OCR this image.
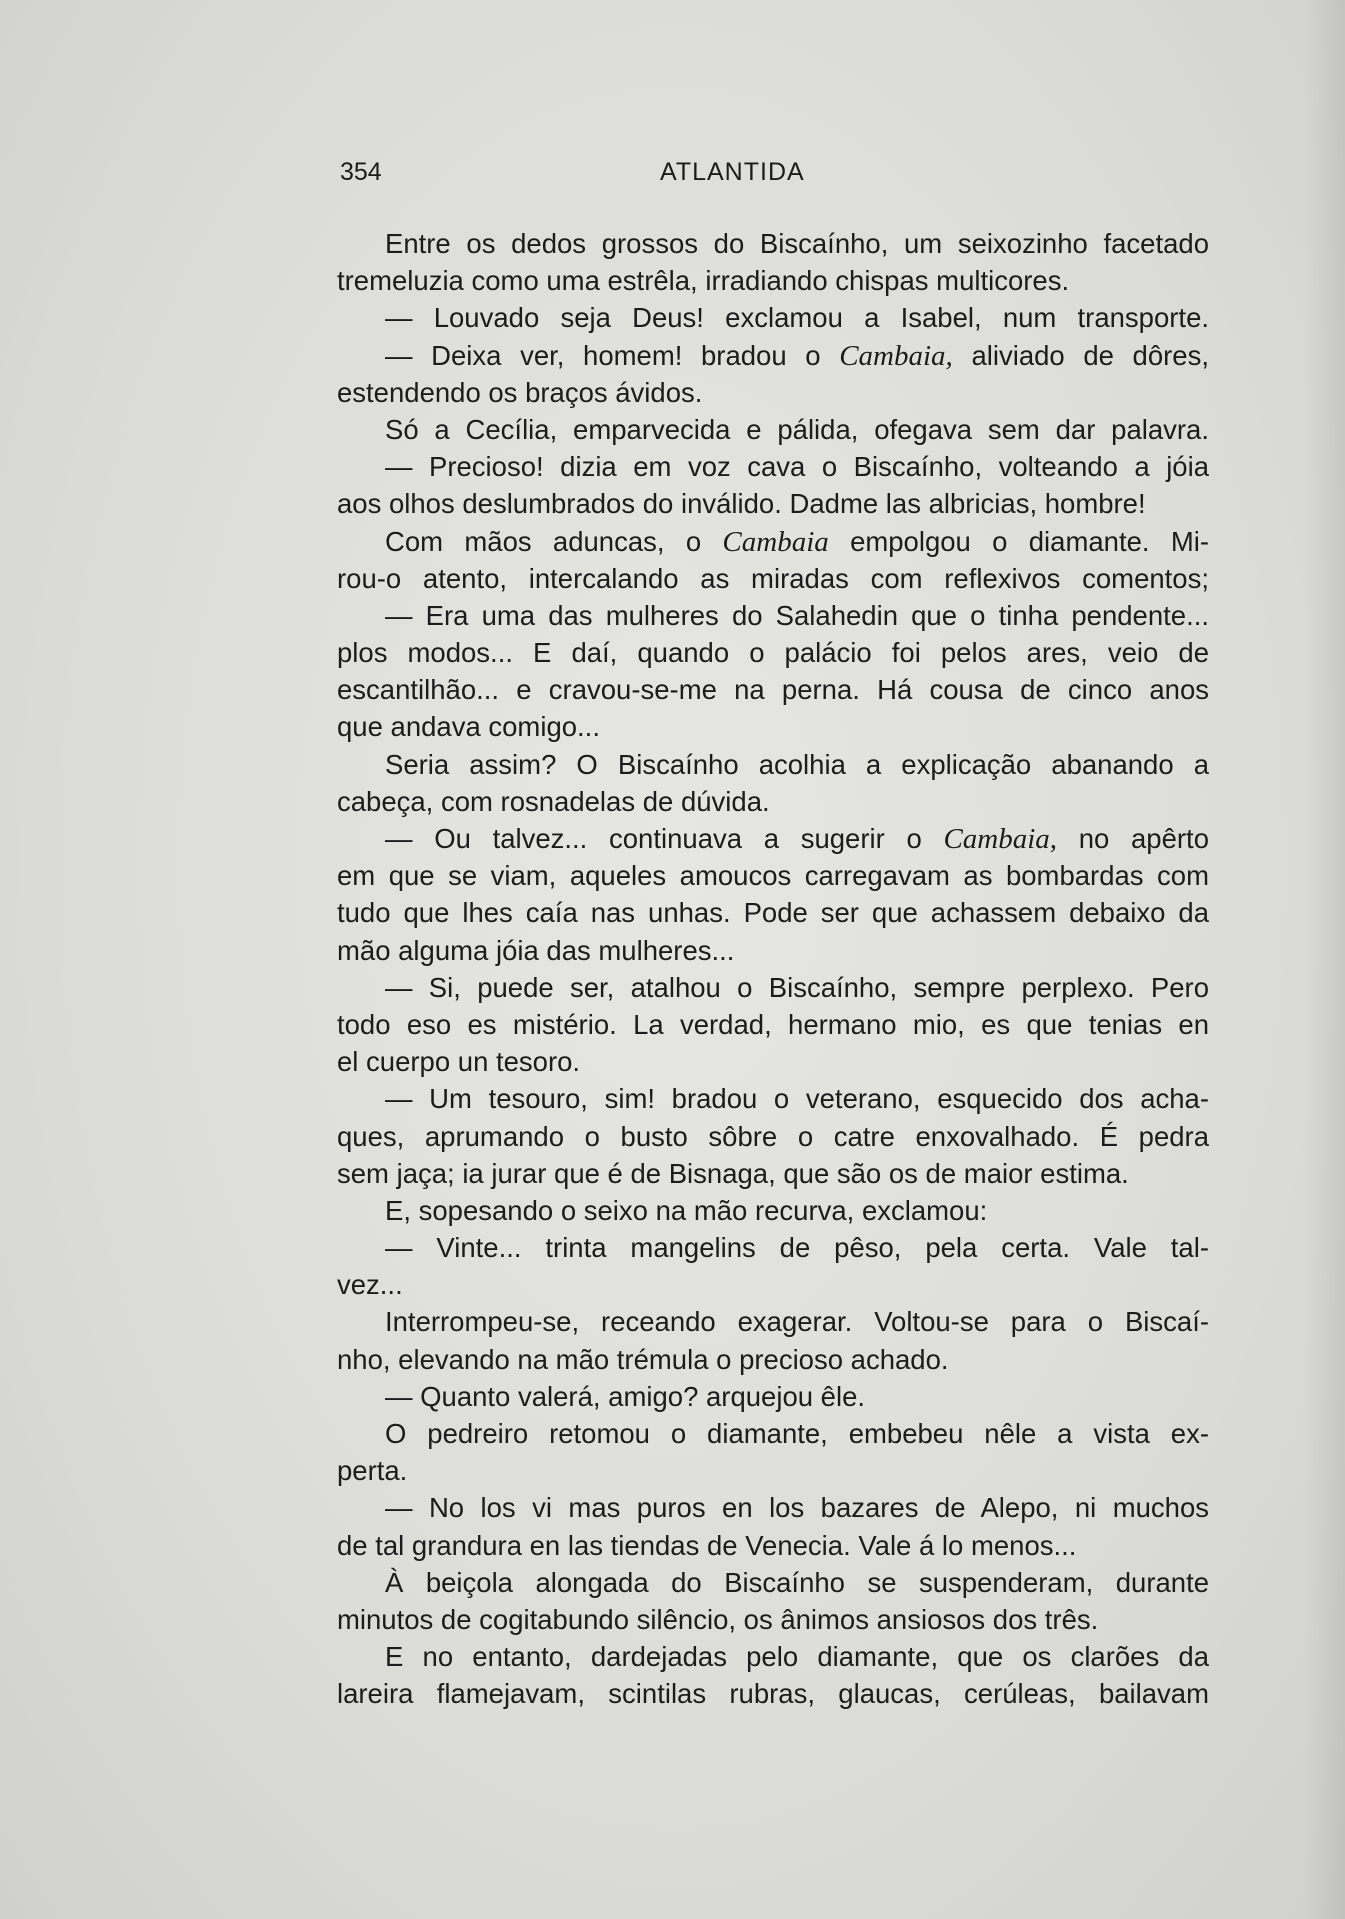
354	ATLANTIDA
Entre os dedos grossos do Biscaínho, um seixozinho facetado
tremeluzia como uma estrêla, irradiando chispas multicores.
— Louvado seja Deus! exclamou a Isabel, num transporte.
— Deixa ver, homem! bradou o Cambaia, aliviado de dôres,
estendendo os braços ávidos.
Só a Cecília, emparvecida e pálida, ofegava sem dar palavra.
— Precioso! dizia em voz cava o Biscaínho, volteando a jóia
aos olhos deslumbrados do inválido. Dadme las albricias, hombre!
Com mãos aduncas, o Cambaia empolgou o diamante. Mi-
rou-o atento, intercalando as miradas com reflexivos comentos;
— Era uma das mulheres do Salahedin que o tinha pendente...
plos modos... E daí, quando o palácio foi pelos ares, veio de
escantilhão... e cravou-se-me na perna. Há cousa de cinco anos
que andava comigo...
Seria assim? O Biscaínho acolhia a explicação abanando a
cabeça, com rosnadelas de dúvida.
— Ou talvez... continuava a sugerir o Cambaia, no apêrto
em que se viam, aqueles amoucos carregavam as bombardas com
tudo que lhes caía nas unhas. Pode ser que achassem debaixo da
mão alguma jóia das mulheres...
— Si, puede ser, atalhou o Biscaínho, sempre perplexo. Pero
todo eso es mistério. La verdad, hermano mio, es que tenias en
el cuerpo un tesoro.
— Um tesouro, sim! bradou o veterano, esquecido dos acha-
ques, aprumando o busto sôbre o catre enxovalhado. É pedra
sem jaça; ia jurar que é de Bisnaga, que são os de maior estima.
E, sopesando o seixo na mão recurva, exclamou:
— Vinte... trinta mangelins de pêso, pela certa. Vale tal-
vez...
Interrompeu-se, receando exagerar. Voltou-se para o Biscaí-
nho, elevando na mão trémula o precioso achado.
— Quanto valerá, amigo? arquejou êle.
O pedreiro retomou o diamante, embebeu nêle a vista ex-
perta.
— No los vi mas puros en los bazares de Alepo, ni muchos
de tal grandura en las tiendas de Venecia. Vale á lo menos...
À beiçola alongada do Biscaínho se suspenderam, durante
minutos de cogitabundo silêncio, os ânimos ansiosos dos três.
E no entanto, dardejadas pelo diamante, que os clarões da
lareira flamejavam, scintilas rubras, glaucas, cerúleas, bailavam
